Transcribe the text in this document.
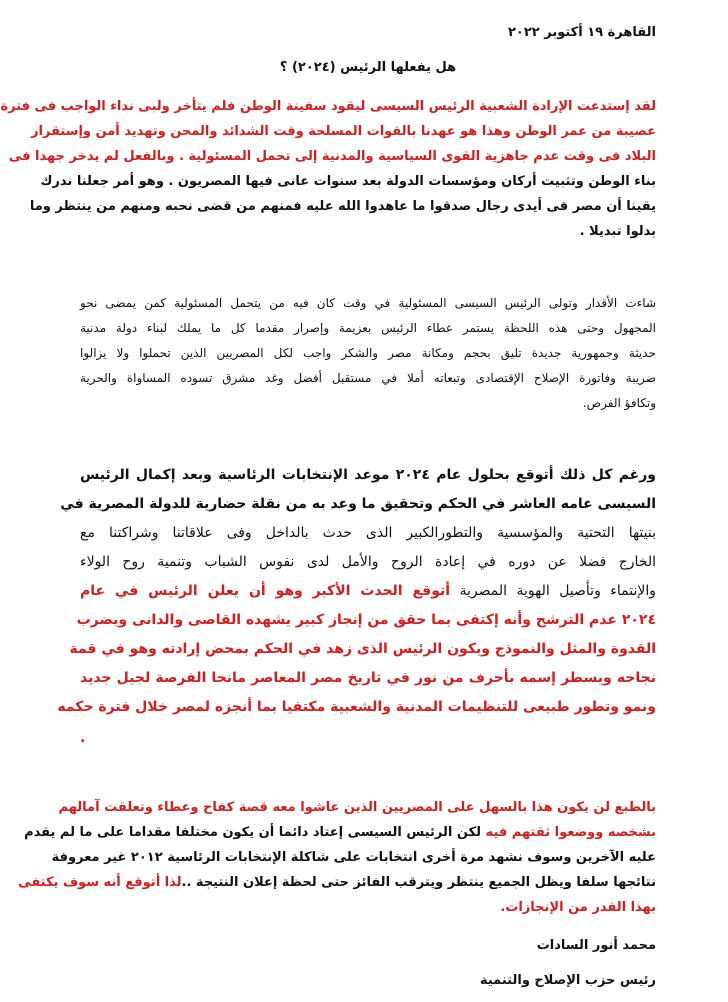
القاهرة ١٩ أكتوبر ٢٠٢٢
هل يفعلها الرئيس (٢٠٢٤) ؟
لقد إستدعت الإرادة الشعبية الرئيس السيسى ليقود سفينة الوطن فلم يتأخر ولبى نداء الواجب فى فترة
عصيبة من عمر الوطن وهذا هو عهدنا بالقوات المسلحة وقت الشدائد والمحن وتهديد أمن وإستقرار
البلاد فى وقت عدم جاهزية القوى السياسية والمدنية إلى تحمل المسئولية . وبالفعل لم يدخر جهدا فى
بناء الوطن وتثبيت أركان ومؤسسات الدولة بعد سنوات عانى فيها المصريون . وهو أمر جعلنا ندرك
يقينا أن مصر فى أيدى رجال صدقوا ما عاهدوا الله عليه فمنهم من قضى نحبه ومنهم من ينتظر وما
بدلوا تبديلا .
شاءت الأقدار وتولى الرئيس السيسى المسئولية في وقت كان فيه من يتحمل المسئولية كمن يمضى نحو
المجهول وحتى هذه اللحظة يستمر عطاء الرئيس بعزيمة وإصرار مقدما كل ما يملك لبناء دولة مدنية
حديثة وجمهورية جديدة تليق بحجم ومكانة مصر والشكر واجب لكل المصريين الذين تحملوا ولا يزالوا
ضريبة وفاتورة الإصلاح الإقتصادى وتبعاته أملا في مستقبل أفضل وغد مشرق تسوده المساواة والحرية
وتكافؤ الفرص.
ورغم كل ذلك أتوقع بحلول عام ٢٠٢٤ موعد الإنتخابات الرئاسية وبعد إكمال الرئيس
السيسى عامه العاشر في الحكم وتحقيق ما وعد به من نقلة حضارية للدولة المصرية في
بنيتها التحتية والمؤسسية والتطورالكبير الذى حدث بالداخل وفى علاقاتنا وشراكتنا مع
الخارج فضلا عن دوره في إعادة الروح والأمل لدى نفوس الشباب وتنمية روح الولاء
والإنتماء وتأصيل الهوية المصرية أتوقع الحدث الأكبر وهو أن يعلن الرئيس في عام
٢٠٢٤ عدم الترشح وأنه إكتفى بما حقق من إنجاز كبير يشهده القاصى والدانى ويضرب
القدوة والمثل والنموذج ويكون الرئيس الذى زهد في الحكم بمحض إرادته وهو في قمة
نجاحه ويسطر إسمه بأحرف من نور في تاريخ مصر المعاصر مانحا الفرصة لجيل جديد
ونمو وتطور طبيعى للتنظيمات المدنية والشعبية مكتفيا بما أنجزه لمصر خلال فترة حكمه
.
بالطبع لن يكون هذا بالسهل على المصريين الذين عاشوا معه قصة كفاح وعطاء وتعلقت آمالهم
بشخصه ووضعوا ثقتهم فيه لكن الرئيس السيسى إعتاد دائما أن يكون مختلفا مقداما على ما لم يقدم
عليه الآخرين وسوف نشهد مرة أخرى انتخابات على شاكلة الإنتخابات الرئاسية ٢٠١٢ غير معروفة
نتائجها سلفا ويظل الجميع ينتظر ويترقب الفائز حتى لحظة إعلان النتيجة ..لذا أتوقع أنه سوف يكتفى
بهذا القدر من الإنجازات.
محمد أنور السادات
رئيس حزب الإصلاح والتنمية
